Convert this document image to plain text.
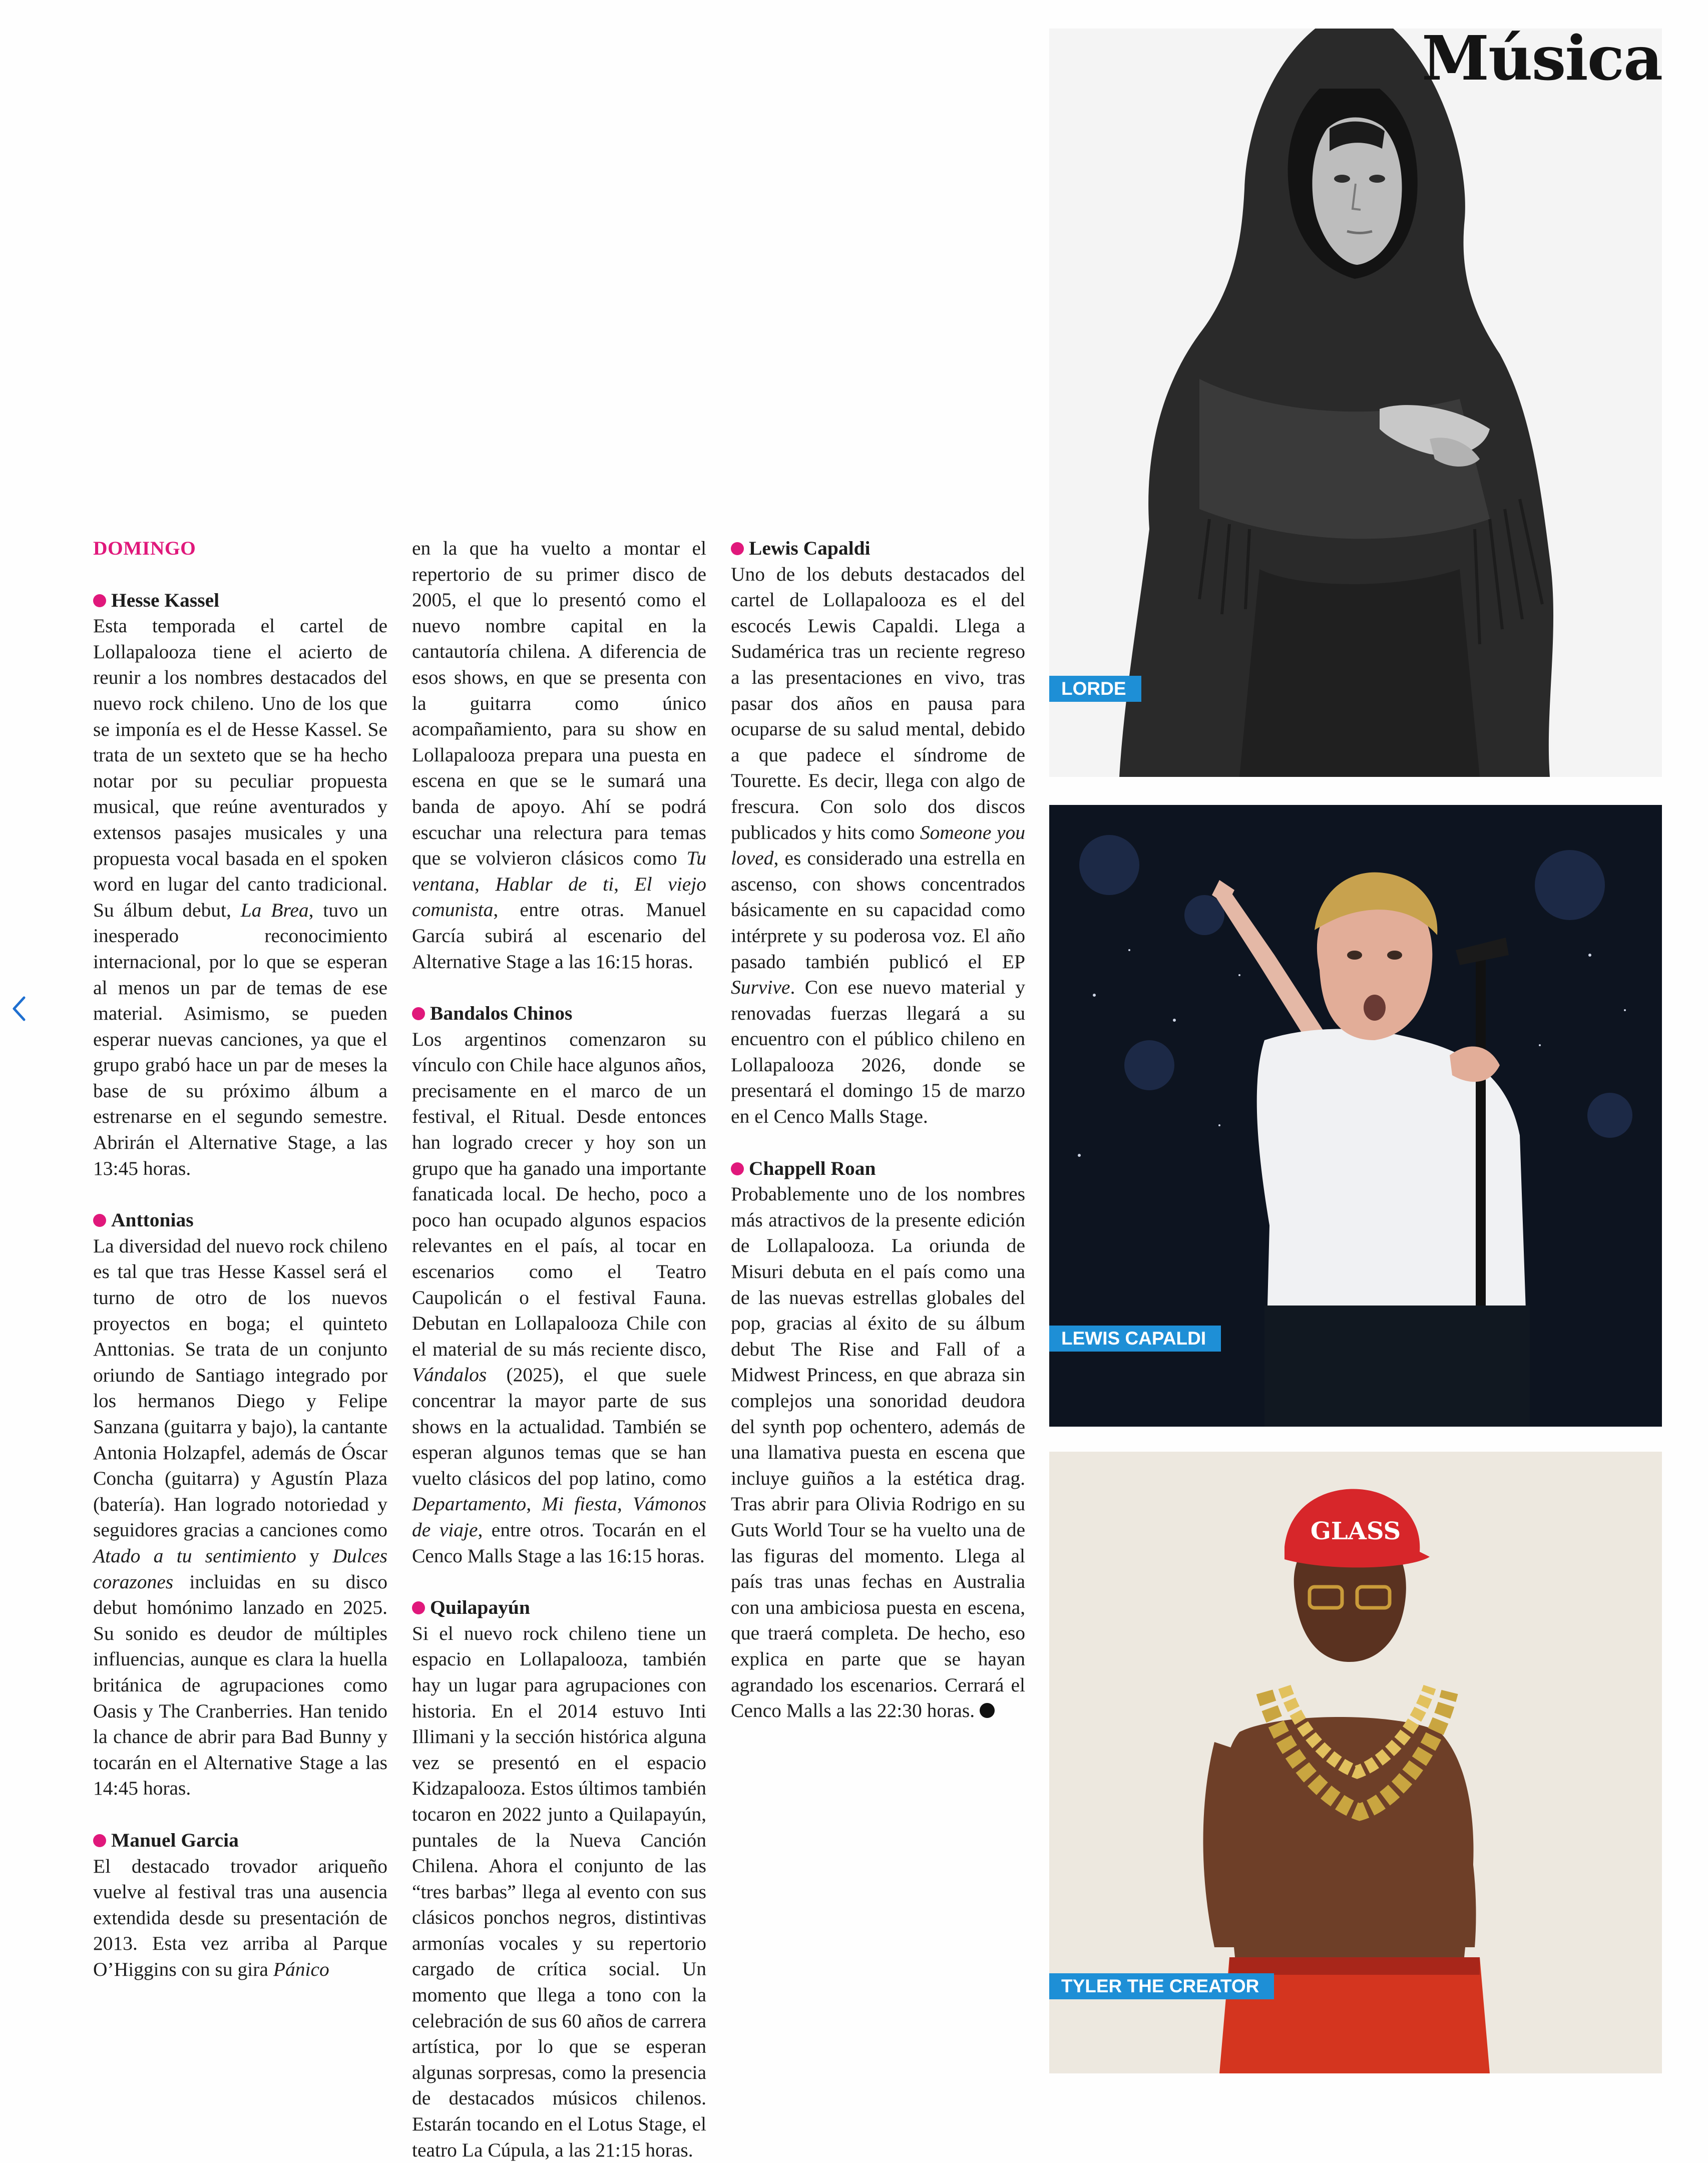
DOMINGO

Hesse Kassel
Esta temporada el cartel de Lollapalooza tiene el acierto de reunir a los nombres destacados del nuevo rock chileno. Uno de los que se imponía es el de Hesse Kassel. Se trata de un sexteto que se ha hecho notar por su peculiar propuesta musical, que reúne aventurados y extensos pasajes musicales y una propuesta vocal basada en el spoken word en lugar del canto tradicional. Su álbum debut, La Brea, tuvo un inesperado reconocimiento internacional, por lo que se esperan al menos un par de temas de ese material. Asimismo, se pueden esperar nuevas canciones, ya que el grupo grabó hace un par de meses la base de su próximo álbum a estrenarse en el segundo semestre. Abrirán el Alternative Stage, a las 13:45 horas.

Anttonias
La diversidad del nuevo rock chileno es tal que tras Hesse Kassel será el turno de otro de los nuevos proyectos en boga; el quinteto Anttonias. Se trata de un conjunto oriundo de Santiago integrado por los hermanos Diego y Felipe Sanzana (guitarra y bajo), la cantante Antonia Holzapfel, además de Óscar Concha (guitarra) y Agustín Plaza (batería). Han logrado notoriedad y seguidores gracias a canciones como Atado a tu sentimiento y Dulces corazones incluidas en su disco debut homónimo lanzado en 2025. Su sonido es deudor de múltiples influencias, aunque es clara la huella británica de agrupaciones como Oasis y The Cranberries. Han tenido la chance de abrir para Bad Bunny y tocarán en el Alternative Stage a las 14:45 horas.

Manuel Garcia
El destacado trovador ariqueño vuelve al festival tras una ausencia extendida desde su presentación de 2013. Esta vez arriba al Parque O’Higgins con su gira Pánico

en la que ha vuelto a montar el repertorio de su primer disco de 2005, el que lo presentó como el nuevo nombre capital en la cantautoría chilena. A diferencia de esos shows, en que se presenta con la guitarra como único acompañamiento, para su show en Lollapalooza prepara una puesta en escena en que se le sumará una banda de apoyo. Ahí se podrá escuchar una relectura para temas que se volvieron clásicos como Tu ventana, Hablar de ti, El viejo comunista, entre otras. Manuel García subirá al escenario del Alternative Stage a las 16:15 horas.

Bandalos Chinos
Los argentinos comenzaron su vínculo con Chile hace algunos años, precisamente en el marco de un festival, el Ritual. Desde entonces han logrado crecer y hoy son un grupo que ha ganado una importante fanaticada local. De hecho, poco a poco han ocupado algunos espacios relevantes en el país, al tocar en escenarios como el Teatro Caupolicán o el festival Fauna. Debutan en Lollapalooza Chile con el material de su más reciente disco, Vándalos (2025), el que suele concentrar la mayor parte de sus shows en la actualidad. También se esperan algunos temas que se han vuelto clásicos del pop latino, como Departamento, Mi fiesta, Vámonos de viaje, entre otros. Tocarán en el Cenco Malls Stage a las 16:15 horas.

Quilapayún
Si el nuevo rock chileno tiene un espacio en Lollapalooza, también hay un lugar para agrupaciones con historia. En el 2014 estuvo Inti Illimani y la sección histórica alguna vez se presentó en el espacio Kidzapalooza. Estos últimos también tocaron en 2022 junto a Quilapayún, puntales de la Nueva Canción Chilena. Ahora el conjunto de las “tres barbas” llega al evento con sus clásicos ponchos negros, distintivas armonías vocales y su repertorio cargado de crítica social. Un momento que llega a tono con la celebración de sus 60 años de carrera artística, por lo que se esperan algunas sorpresas, como la presencia de destacados músicos chilenos. Estarán tocando en el Lotus Stage, el teatro La Cúpula, a las 21:15 horas.

Lewis Capaldi
Uno de los debuts destacados del cartel de Lollapalooza es el del escocés Lewis Capaldi. Llega a Sudamérica tras un reciente regreso a las presentaciones en vivo, tras pasar dos años en pausa para ocuparse de su salud mental, debido a que padece el síndrome de Tourette. Es decir, llega con algo de frescura. Con solo dos discos publicados y hits como Someone you loved, es considerado una estrella en ascenso, con shows concentrados básicamente en su capacidad como intérprete y su poderosa voz. El año pasado también publicó el EP Survive. Con ese nuevo material y renovadas fuerzas llegará a su encuentro con el público chileno en Lollapalooza 2026, donde se presentará el domingo 15 de marzo en el Cenco Malls Stage.

Chappell Roan
Probablemente uno de los nombres más atractivos de la presente edición de Lollapalooza. La oriunda de Misuri debuta en el país como una de las nuevas estrellas globales del pop, gracias al éxito de su álbum debut The Rise and Fall of a Midwest Princess, en que abraza sin complejos una sonoridad deudora del synth pop ochentero, además de una llamativa puesta en escena que incluye guiños a la estética drag. Tras abrir para Olivia Rodrigo en su Guts World Tour se ha vuelto una de las figuras del momento. Llega al país tras unas fechas en Australia con una ambiciosa puesta en escena, que traerá completa. De hecho, eso explica en parte que se hayan agrandado los escenarios. Cerrará el Cenco Malls a las 22:30 horas.

Música
LORDE
LEWIS CAPALDI
GLASS
TYLER THE CREATOR
